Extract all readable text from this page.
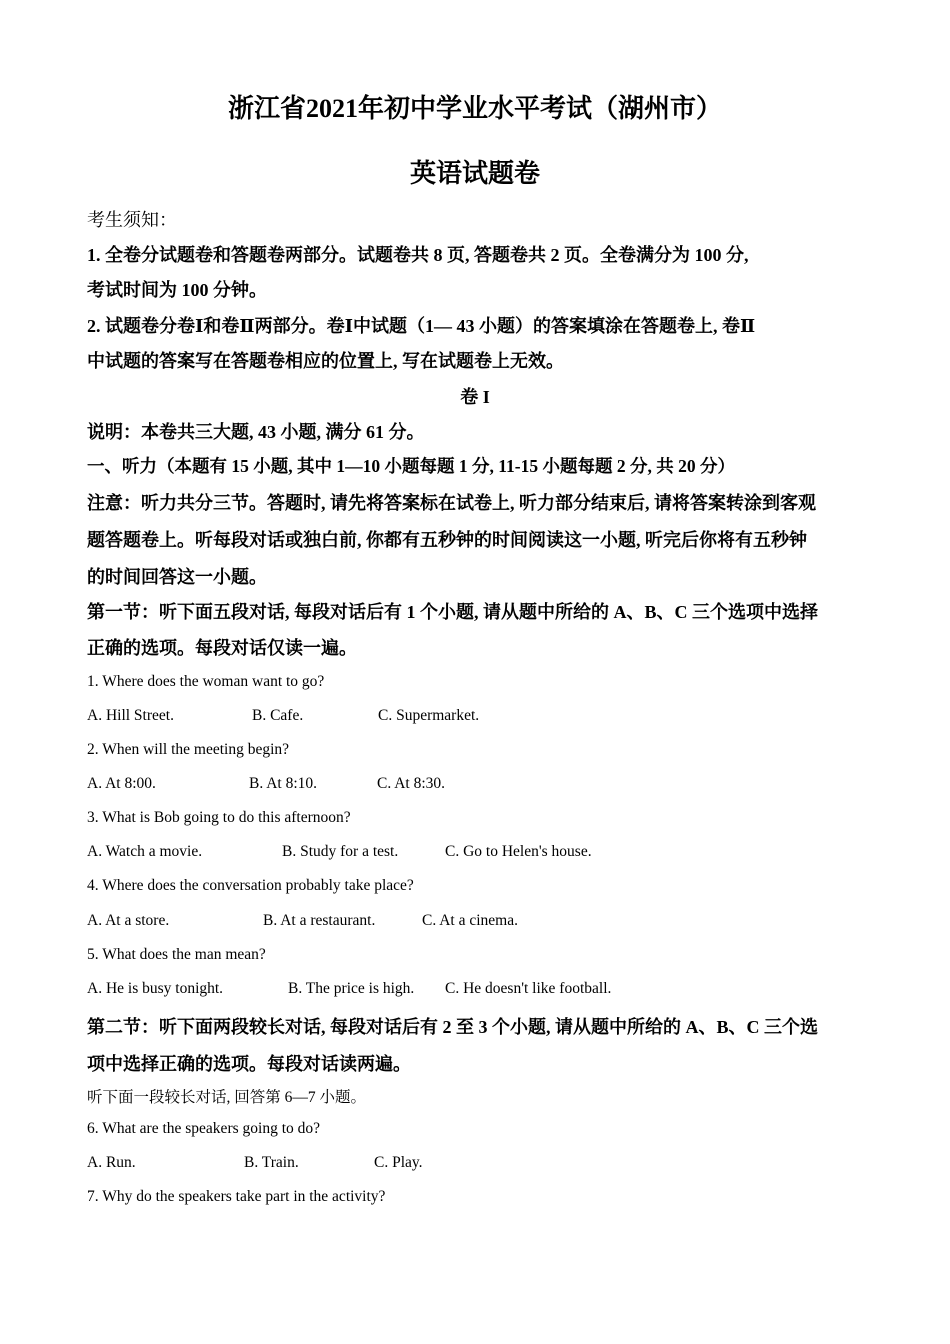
浙江省2021年初中学业水平考试（湖州市）
英语试题卷
考生须知：
1. 全卷分试题卷和答题卷两部分。试题卷共 8 页, 答题卷共 2 页。全卷满分为 100 分,
考试时间为 100 分钟。
2. 试题卷分卷Ⅰ和卷Ⅱ两部分。卷Ⅰ中试题（1— 43 小题）的答案填涂在答题卷上, 卷Ⅱ
中试题的答案写在答题卷相应的位置上, 写在试题卷上无效。
卷 I
说明：本卷共三大题, 43 小题, 满分 61 分。
一、听力（本题有 15 小题, 其中 1—10 小题每题 1 分, 11-15 小题每题 2 分, 共 20 分）
注意：听力共分三节。答题时, 请先将答案标在试卷上, 听力部分结束后, 请将答案转涂到客观
题答题卷上。听每段对话或独白前, 你都有五秒钟的时间阅读这一小题, 听完后你将有五秒钟
的时间回答这一小题。
第一节：听下面五段对话, 每段对话后有 1 个小题, 请从题中所给的 A、B、C 三个选项中选择
正确的选项。每段对话仅读一遍。
1. Where does the woman want to go?
A. Hill Street.	B. Cafe.	C. Supermarket.
2. When will the meeting begin?
A. At 8:00.	B. At 8:10.	C. At 8:30.
3. What is Bob going to do this afternoon?
A. Watch a movie.	B. Study for a test.	C. Go to Helen's house.
4. Where does the conversation probably take place?
A. At a store.	B. At a restaurant.	C. At a cinema.
5. What does the man mean?
A. He is busy tonight.	B. The price is high. C. He doesn't like football.
第二节：听下面两段较长对话, 每段对话后有 2 至 3 个小题, 请从题中所给的 A、B、C 三个选
项中选择正确的选项。每段对话读两遍。
听下面一段较长对话, 回答第 6—7 小题。
6. What are the speakers going to do?
A. Run.	B. Train.	C. Play.
7. Why do the speakers take part in the activity?
